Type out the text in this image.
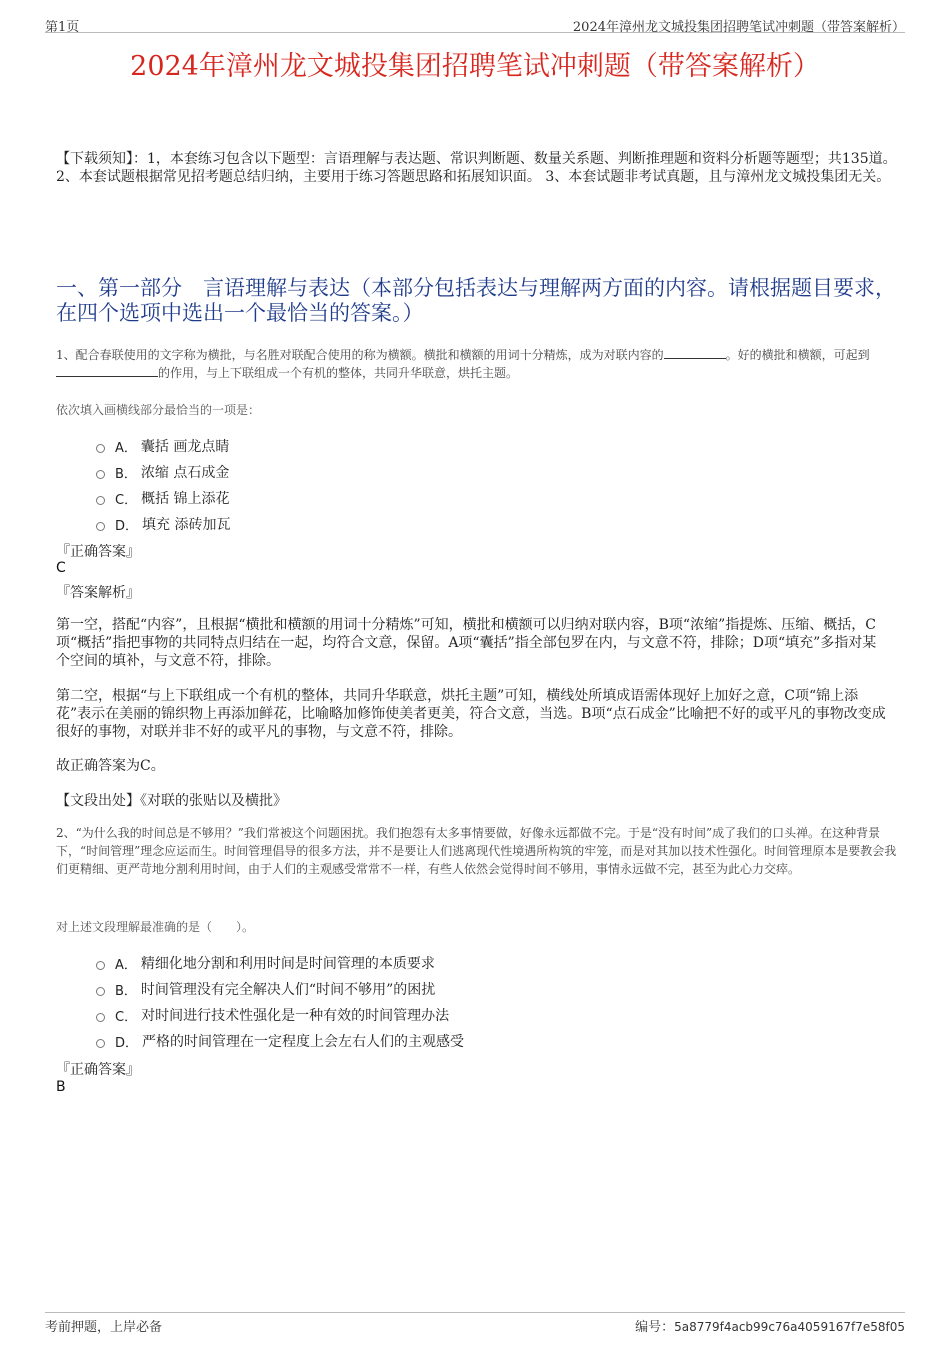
第1页	2024年漳州龙文城投集团招聘笔试冲刺题（带答案解析）
2024年漳州龙文城投集团招聘笔试冲刺题（带答案解析）
【下载须知】：1，本套练习包含以下题型：言语理解与表达题、常识判断题、数量关系题、判断推理题和资料分析题等题型；共135道。 2、本套试题根据常见招考题总结归纳，主要用于练习答题思路和拓展知识面。 3、本套试题非考试真题，且与漳州龙文城投集团无关。
一、第一部分　言语理解与表达（本部分包括表达与理解两方面的内容。请根据题目要求，在四个选项中选出一个最恰当的答案。）
1、配合春联使用的文字称为横批，与名胜对联配合使用的称为横额。横批和横额的用词十分精炼，成为对联内容的	。好的横批和横额，可起到的作用，与上下联组成一个有机的整体，共同升华联意，烘托主题。
依次填入画横线部分最恰当的一项是：
A． 囊括 画龙点睛
B． 浓缩 点石成金
C． 概括 锦上添花
D． 填充 添砖加瓦
『正确答案』
C
『答案解析』
第一空，搭配“内容”，且根据“横批和横额的用词十分精炼”可知，横批和横额可以归纳对联内容，B项“浓缩”指提炼、压缩、概括，C项“概括”指把事物的共同特点归结在一起，均符合文意，保留。A项“囊括”指全部包罗在内，与文意不符，排除；D项“填充”多指对某个空间的填补，与文意不符，排除。
第二空，根据“与上下联组成一个有机的整体，共同升华联意，烘托主题”可知，横线处所填成语需体现好上加好之意，C项“锦上添花”表示在美丽的锦织物上再添加鲜花，比喻略加修饰使美者更美，符合文意，当选。B项“点石成金”比喻把不好的或平凡的事物改变成很好的事物，对联并非不好的或平凡的事物，与文意不符，排除。
故正确答案为C。
【文段出处】《对联的张贴以及横批》
2、“为什么我的时间总是不够用？”我们常被这个问题困扰。我们抱怨有太多事情要做，好像永远都做不完。于是“没有时间”成了我们的口头禅。在这种背景下，“时间管理”理念应运而生。时间管理倡导的很多方法，并不是要让人们逃离现代性境遇所构筑的牢笼，而是对其加以技术性强化。时间管理原本是要教会我们更精细、更严苛地分割利用时间，由于人们的主观感受常常不一样，有些人依然会觉得时间不够用，事情永远做不完，甚至为此心力交瘁。
对上述文段理解最准确的是（　　）。
A． 精细化地分割和利用时间是时间管理的本质要求
B． 时间管理没有完全解决人们“时间不够用”的困扰
C． 对时间进行技术性强化是一种有效的时间管理办法
D． 严格的时间管理在一定程度上会左右人们的主观感受
『正确答案』
B
考前押题，上岸必备	编号：5a8779f4acb99c76a4059167f7e58f05
